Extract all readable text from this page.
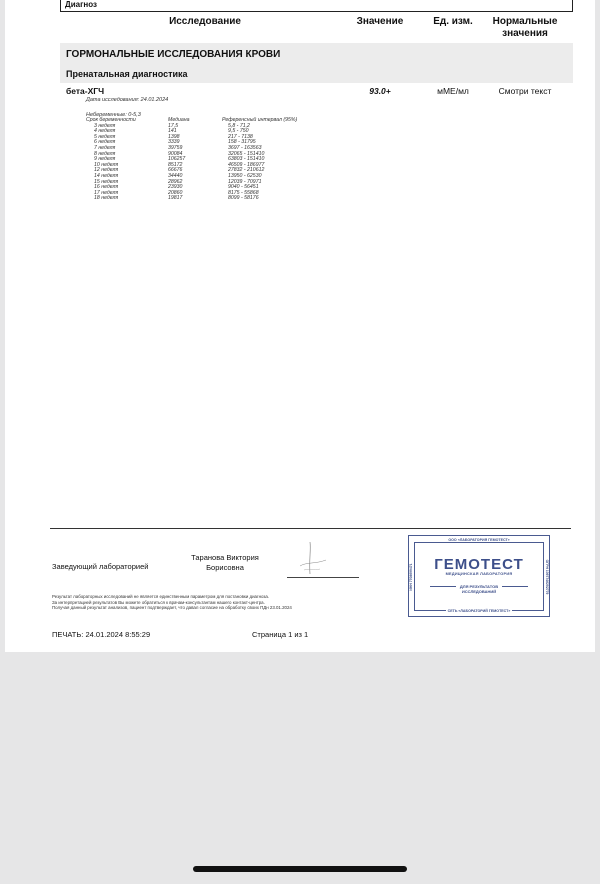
Диагноз
Исследование	Значение	Ед. изм.	Нормальные значения
ГОРМОНАЛЬНЫЕ ИССЛЕДОВАНИЯ КРОВИ
Пренатальная диагностика
бета-ХГЧ	93.0+	мМЕ/мл	Смотри текст
Дата исследования: 24.01.2024
Небеременные: 0-5,3
Срок беременности	Медиана	Референсный интервал (95%)
3 неделя	17,5	5,8 - 71,2
4 неделя	141	9,5 - 750
5 неделя	1398	217 - 7138
6 неделя	3339	158 - 31795
7 неделя	39759	3697 - 163563
8 неделя	90084	32065 - 151410
9 неделя	106257	63803 - 151410
10 неделя	85172	46509 - 186977
12 неделя	66676	27832 - 210612
14 неделя	34440	13950 - 62530
15 неделя	28962	12039 - 70971
16 неделя	23930	9040 - 56451
17 неделя	20860	8175 - 55868
18 неделя	19817	8099 - 58176
Таранова Виктория Борисовна
Заведующий лабораторией
Результат лабораторных исследований не является единственным параметром для постановки диагноза.
За интерпретацией результатов Вы можете обратиться к врачам-консультантам нашего контакт-центра.
Получая данный результат анализов, пациент подтверждает, что давал согласие на обработку своих ПДн 23.01.2024
ПЕЧАТЬ: 24.01.2024 8:55:29	Страница 1 из 1
ООО «ЛАБОРАТОРИЯ ГЕМОТЕСТ»
ИНН 7708699471	ОГРН 1097746252779
ГЕМОТЕСТ
МЕДИЦИНСКАЯ ЛАБОРАТОРИЯ
ДЛЯ РЕЗУЛЬТАТОВ
ИССЛЕДОВАНИЙ
СЕТЬ «ЛАБОРАТОРИЙ ГЕМОТЕСТ»
